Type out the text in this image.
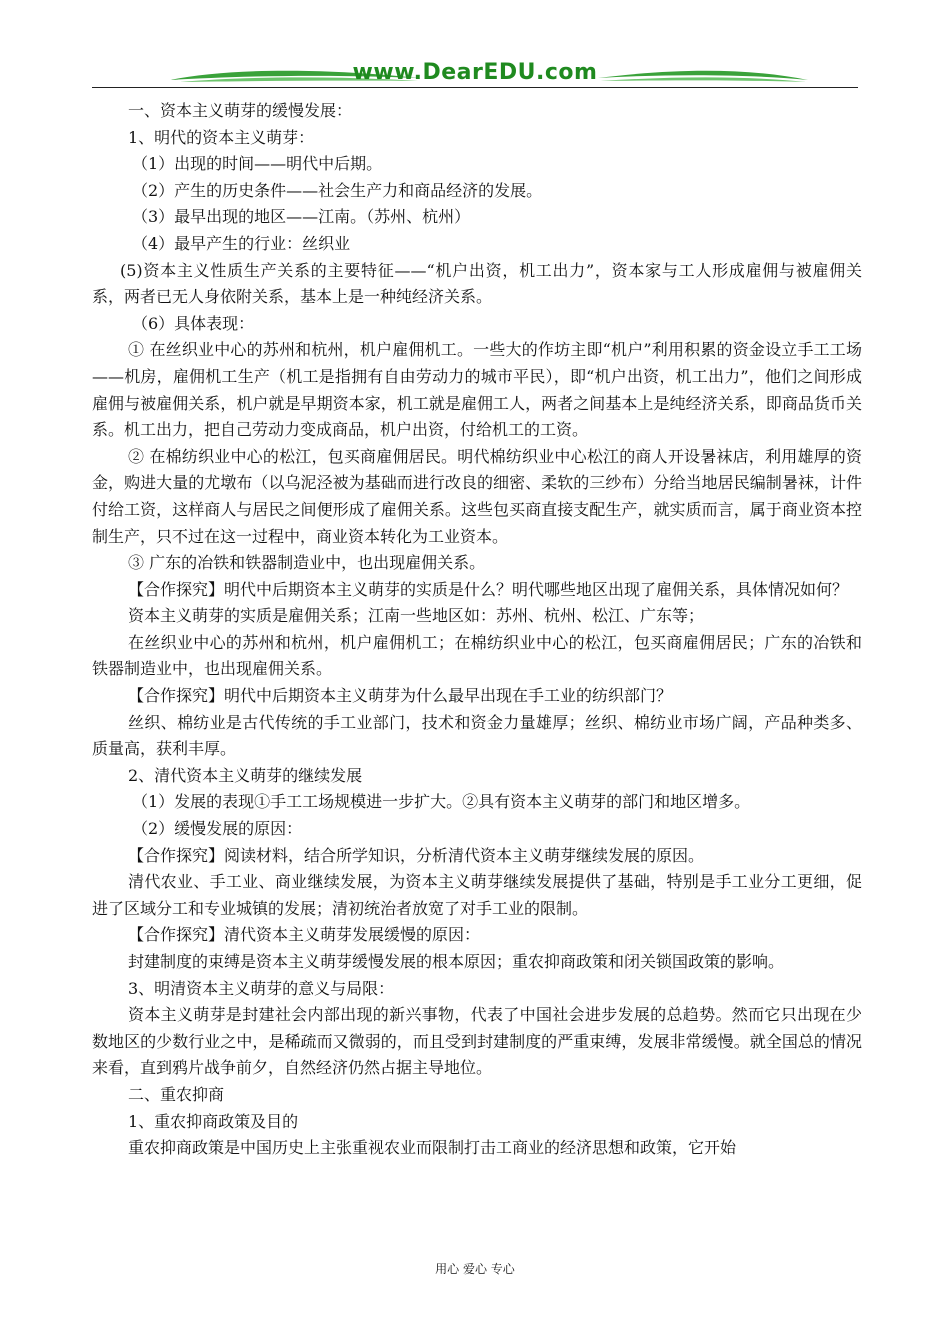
www.DearEDU.com

一、资本主义萌芽的缓慢发展：

1、明代的资本主义萌芽：

（1）出现的时间——明代中后期。

（2）产生的历史条件——社会生产力和商品经济的发展。

（3）最早出现的地区——江南。（苏州、杭州）

（4）最早产生的行业：丝织业

(5)资本主义性质生产关系的主要特征——“机户出资，机工出力”，资本家与工人形成雇佣与被雇佣关系，两者已无人身依附关系，基本上是一种纯经济关系。

（6）具体表现：

① 在丝织业中心的苏州和杭州，机户雇佣机工。一些大的作坊主即“机户”利用积累的资金设立手工工场——机房，雇佣机工生产（机工是指拥有自由劳动力的城市平民），即“机户出资，机工出力”，他们之间形成雇佣与被雇佣关系，机户就是早期资本家，机工就是雇佣工人，两者之间基本上是纯经济关系，即商品货币关系。机工出力，把自己劳动力变成商品，机户出资，付给机工的工资。

② 在棉纺织业中心的松江，包买商雇佣居民。明代棉纺织业中心松江的商人开设暑袜店，利用雄厚的资金，购进大量的尤墩布（以乌泥泾被为基础而进行改良的细密、柔软的三纱布）分给当地居民编制暑袜，计件付给工资，这样商人与居民之间便形成了雇佣关系。这些包买商直接支配生产，就实质而言，属于商业资本控制生产，只不过在这一过程中，商业资本转化为工业资本。

③ 广东的冶铁和铁器制造业中，也出现雇佣关系。

【合作探究】明代中后期资本主义萌芽的实质是什么？明代哪些地区出现了雇佣关系，具体情况如何？

资本主义萌芽的实质是雇佣关系；江南一些地区如：苏州、杭州、松江、广东等；

在丝织业中心的苏州和杭州，机户雇佣机工；在棉纺织业中心的松江，包买商雇佣居民；广东的冶铁和铁器制造业中，也出现雇佣关系。

【合作探究】明代中后期资本主义萌芽为什么最早出现在手工业的纺织部门？

丝织、棉纺业是古代传统的手工业部门，技术和资金力量雄厚；丝织、棉纺业市场广阔，产品种类多、质量高，获利丰厚。

2、清代资本主义萌芽的继续发展

（1）发展的表现①手工工场规模进一步扩大。②具有资本主义萌芽的部门和地区增多。

（2）缓慢发展的原因：

【合作探究】阅读材料，结合所学知识，分析清代资本主义萌芽继续发展的原因。

清代农业、手工业、商业继续发展，为资本主义萌芽继续发展提供了基础，特别是手工业分工更细，促进了区域分工和专业城镇的发展；清初统治者放宽了对手工业的限制。

【合作探究】清代资本主义萌芽发展缓慢的原因：

封建制度的束缚是资本主义萌芽缓慢发展的根本原因；重农抑商政策和闭关锁国政策的影响。

3、明清资本主义萌芽的意义与局限：

资本主义萌芽是封建社会内部出现的新兴事物，代表了中国社会进步发展的总趋势。然而它只出现在少数地区的少数行业之中，是稀疏而又微弱的，而且受到封建制度的严重束缚，发展非常缓慢。就全国总的情况来看，直到鸦片战争前夕，自然经济仍然占据主导地位。

二、重农抑商

1、重农抑商政策及目的

重农抑商政策是中国历史上主张重视农业而限制打击工商业的经济思想和政策，它开始

用心 爱心 专心
